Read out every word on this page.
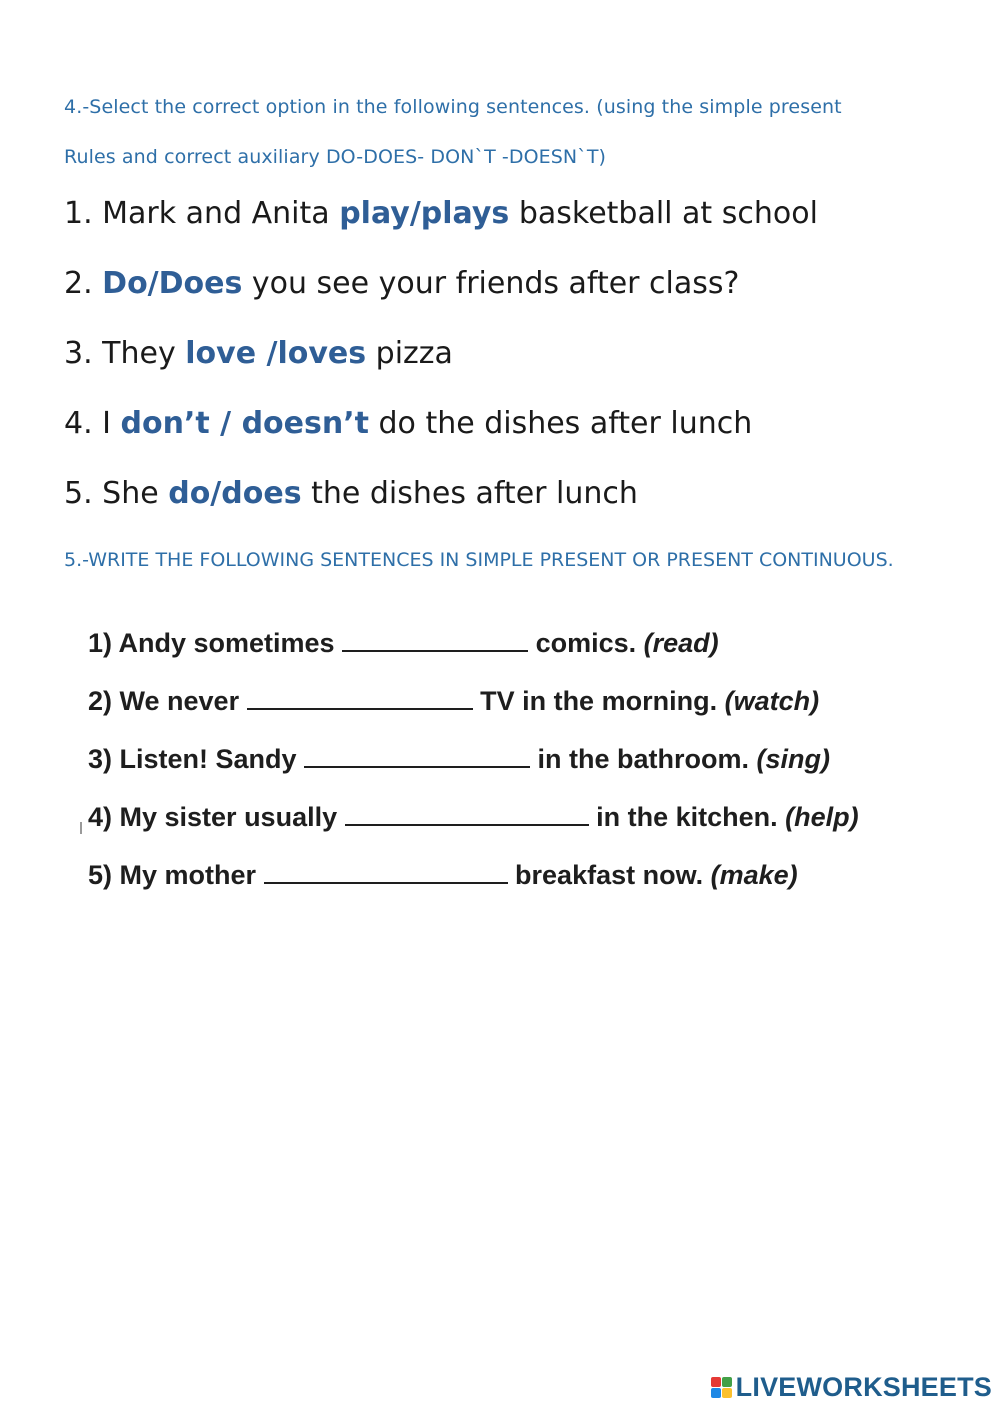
4.-Select the correct option in the following sentences. (using the simple present
Rules and correct auxiliary DO-DOES- DON`T -DOESN`T)
1. Mark and Anita play/plays basketball at school
2. Do/Does you see your friends after class?
3. They love /loves pizza
4. I don’t / doesn’t do the dishes after lunch
5. She do/does the dishes after lunch
5.-WRITE THE FOLLOWING SENTENCES IN SIMPLE PRESENT OR PRESENT CONTINUOUS.
1) Andy sometimes	comics. (read)
2) We never	TV in the morning. (watch)
3) Listen! Sandy	in the bathroom. (sing)
4) My sister usually	in the kitchen. (help)
5) My mother	breakfast now. (make)
LIVEWORKSHEETS
